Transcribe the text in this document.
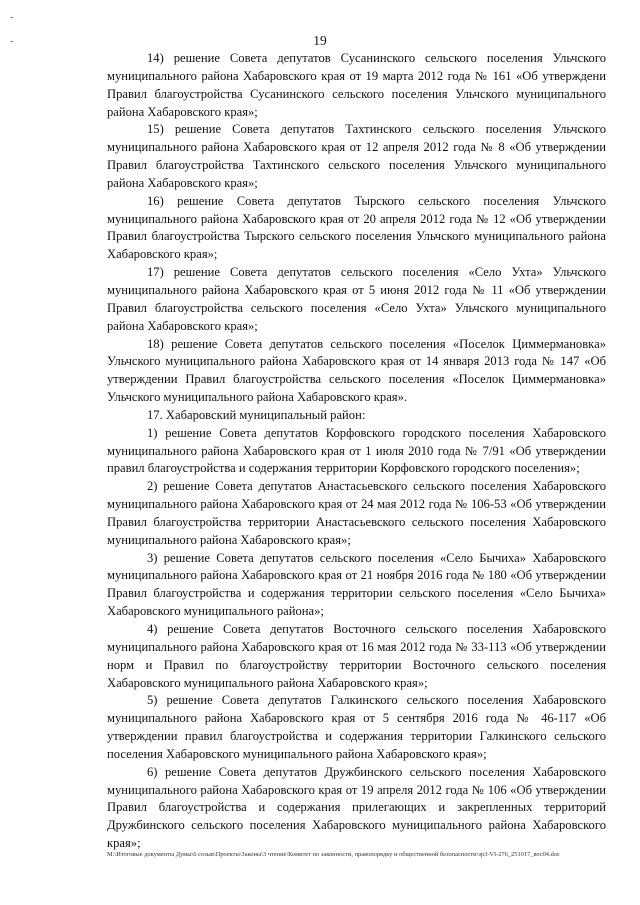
19
-
-

14) решение Совета депутатов Сусанинского сельского поселения Ульчского муниципального района Хабаровского края от 19 марта 2012 года № 161 «Об утверждени Правил благоустройства Сусанинского сельского поселения Ульчского муниципального района Хабаровского края»;

15) решение Совета депутатов Тахтинского сельского поселения Ульчского муниципального района Хабаровского края от 12 апреля 2012 года № 8 «Об утверждении Правил благоустройства Тахтинского сельского поселения Ульчского муниципального района Хабаровского края»;

16) решение Совета депутатов Тырского сельского поселения Ульчского муниципального района Хабаровского края от 20 апреля 2012 года № 12 «Об утверждении Правил благоустройства Тырского сельского поселения Ульчского муниципального района Хабаровского края»;

17) решение Совета депутатов сельского поселения «Село Ухта» Ульчского муниципального района Хабаровского края от 5 июня 2012 года № 11 «Об утверждении Правил благоустройства сельского поселения «Село Ухта» Ульчского муниципального района Хабаровского края»;

18) решение Совета депутатов сельского поселения «Поселок Циммермановка» Ульчского муниципального района Хабаровского края от 14 января 2013 года № 147 «Об утверждении Правил благоустройства сельского поселения «Поселок Циммермановка» Ульчского муниципального района Хабаровского края».

17. Хабаровский муниципальный район:

1) решение Совета депутатов Корфовского городского поселения Хабаровского муниципального района Хабаровского края от 1 июля 2010 года № 7/91 «Об утверждении правил благоустройства и содержания территории Корфовского городского поселения»;

2) решение Совета депутатов Анастасьевского сельского поселения Хабаровского муниципального района Хабаровского края от 24 мая 2012 года № 106-53 «Об утверждении Правил благоустройства территории Анастасьевского сельского поселения Хабаровского муниципального района Хабаровского края»;

3) решение Совета депутатов сельского поселения «Село Бычиха» Хабаровского муниципального района Хабаровского края от 21 ноября 2016 года № 180 «Об утверждении Правил благоустройства и содержания территории сельского поселения «Село Бычиха» Хабаровского муниципального района»;

4) решение Совета депутатов Восточного сельского поселения Хабаровского муниципального района Хабаровского края от 16 мая 2012 года № 33-113 «Об утверждении норм и Правил по благоустройству территории Восточного сельского поселения Хабаровского муниципального района Хабаровского края»;

5) решение Совета депутатов Галкинского сельского поселения Хабаровского муниципального района Хабаровского края от 5 сентября 2016 года № 46-117 «Об утверждении правил благоустройства и содержания территории Галкинского сельского поселения Хабаровского муниципального района Хабаровского края»;

6) решение Совета депутатов Дружбинского сельского поселения Хабаровского муниципального района Хабаровского края от 19 апреля 2012 года № 106 «Об утверждении Правил благоустройства и содержания прилегающих и закрепленных территорий Дружбинского сельского поселения Хабаровского муниципального района Хабаровского края»;

M:\Итоговые документы Думы\6 созыв\Проекты\Законы\3 чтение\Комитет по законности, правопорядку и общественной безопасности\зр3-VI-276_251017_вос04.doc
